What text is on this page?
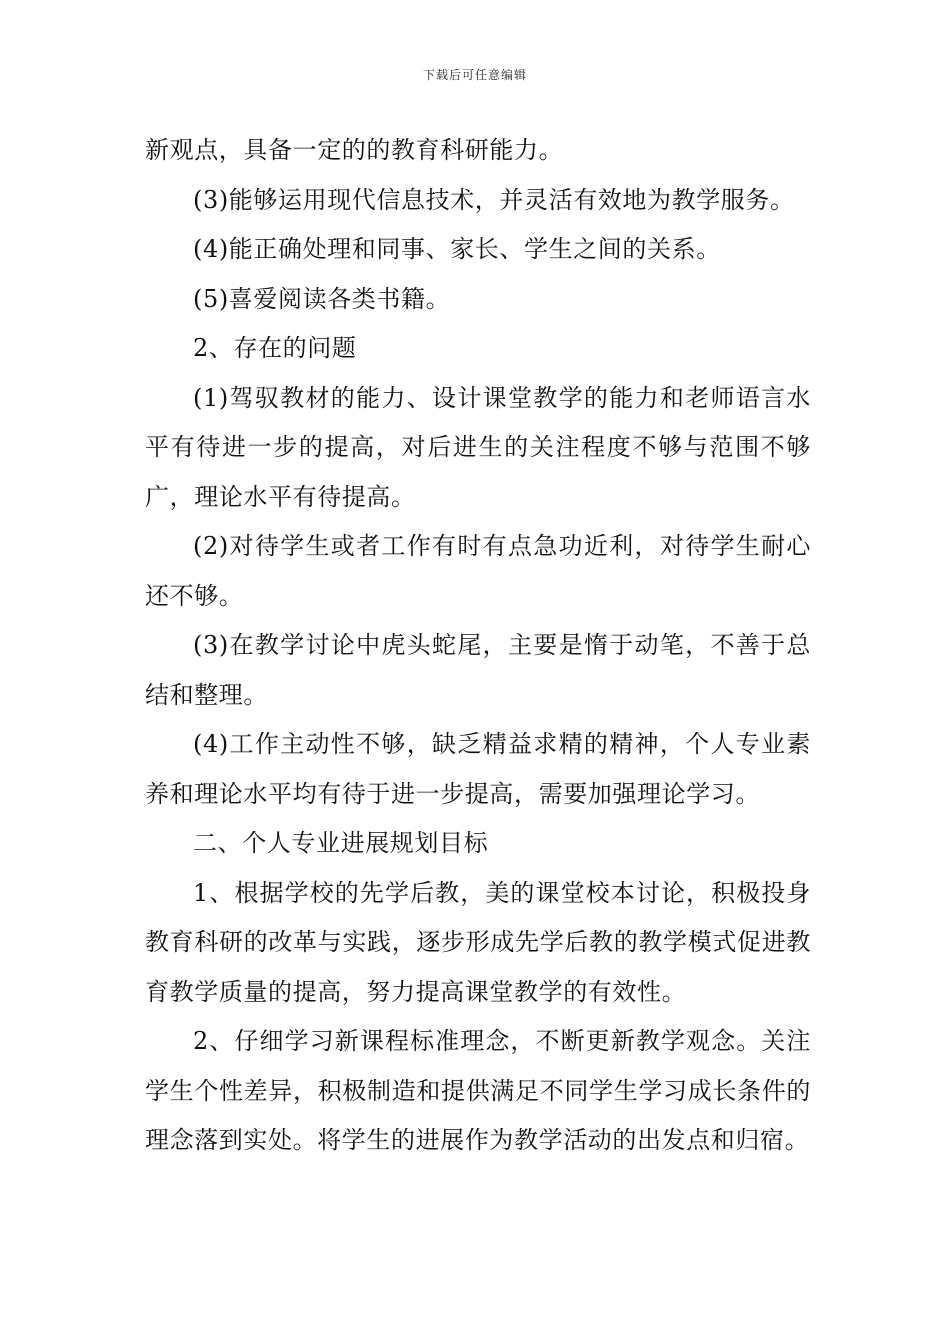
下载后可任意编辑

新观点，具备一定的的教育科研能力。

(3)能够运用现代信息技术，并灵活有效地为教学服务。

(4)能正确处理和同事、家长、学生之间的关系。

(5)喜爱阅读各类书籍。

2、存在的问题

(1)驾驭教材的能力、设计课堂教学的能力和老师语言水平有待进一步的提高，对后进生的关注程度不够与范围不够广，理论水平有待提高。

(2)对待学生或者工作有时有点急功近利，对待学生耐心还不够。

(3)在教学讨论中虎头蛇尾，主要是惰于动笔，不善于总结和整理。

(4)工作主动性不够，缺乏精益求精的精神，个人专业素养和理论水平均有待于进一步提高，需要加强理论学习。

二、个人专业进展规划目标

1、根据学校的先学后教，美的课堂校本讨论，积极投身教育科研的改革与实践，逐步形成先学后教的教学模式促进教育教学质量的提高，努力提高课堂教学的有效性。

2、仔细学习新课程标准理念，不断更新教学观念。关注学生个性差异，积极制造和提供满足不同学生学习成长条件的理念落到实处。将学生的进展作为教学活动的出发点和归宿。
